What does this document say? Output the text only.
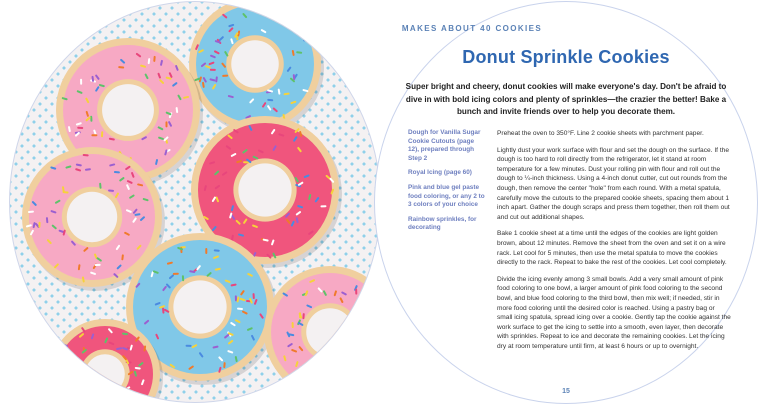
MAKES ABOUT 40 COOKIES
Donut Sprinkle Cookies
Super bright and cheery, donut cookies will make everyone's day. Don't be afraid to dive in with bold icing colors and plenty of sprinkles—the crazier the better! Bake a bunch and invite friends over to help you decorate them.

Dough for Vanilla Sugar Cookie Cutouts (page 12), prepared through Step 2

Royal Icing (page 60)

Pink and blue gel paste food coloring, or any 2 to 3 colors of your choice

Rainbow sprinkles, for decorating

Preheat the oven to 350°F. Line 2 cookie sheets with parchment paper.

Lightly dust your work surface with flour and set the dough on the surface. If the dough is too hard to roll directly from the refrigerator, let it stand at room temperature for a few minutes. Dust your rolling pin with flour and roll out the dough to ¼-inch thickness. Using a 4-inch donut cutter, cut out rounds from the dough, then remove the center "hole" from each round. With a metal spatula, carefully move the cutouts to the prepared cookie sheets, spacing them about 1 inch apart. Gather the dough scraps and press them together, then roll them out and cut out additional shapes.

Bake 1 cookie sheet at a time until the edges of the cookies are light golden brown, about 12 minutes. Remove the sheet from the oven and set it on a wire rack. Let cool for 5 minutes, then use the metal spatula to move the cookies directly to the rack. Repeat to bake the rest of the cookies. Let cool completely.

Divide the icing evenly among 3 small bowls. Add a very small amount of pink food coloring to one bowl, a larger amount of pink food coloring to the second bowl, and blue food coloring to the third bowl, then mix well; if needed, stir in more food coloring until the desired color is reached. Using a pastry bag or small icing spatula, spread icing over a cookie. Gently tap the cookie against the work surface to get the icing to settle into a smooth, even layer, then decorate with sprinkles. Repeat to ice and decorate the remaining cookies. Let the icing dry at room temperature until firm, at least 6 hours or up to overnight.

15
